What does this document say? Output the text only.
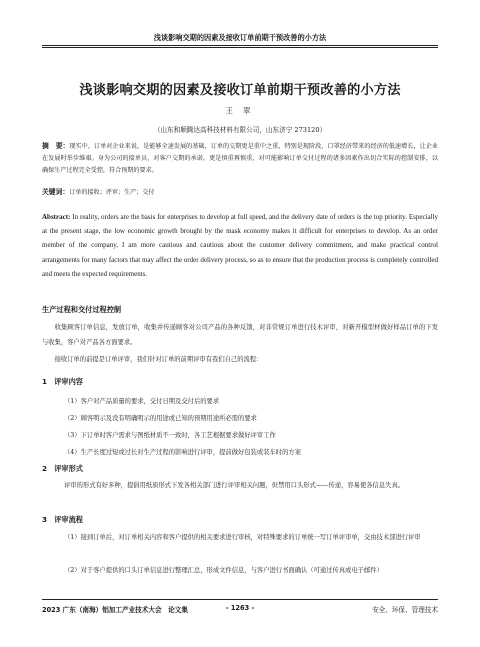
浅谈影响交期的因素及接收订单前期干预改善的小方法
浅谈影响交期的因素及接收订单前期干预改善的小方法
王 翠
（山东和顺腾达高科技材料有限公司，山东济宁 273120）
摘　要：现实中，订单对企业来说，是能够全速发展的基础，订单的交期更是重中之重，特别是现阶段，口罩经济带来的经济的低速增长，让企业在发展时举步维艰。身为公司的接单员，对客户交期的承诺，更是慎重再慎重，对可能影响订单交付过程的诸多因素作出切合实际的控制安排，以确保生产过程完全受控，符合预期的要求。
关键词：订单的接收；评审；生产；交付
Abstract: In reality, orders are the basis for enterprises to develop at full speed, and the delivery date of orders is the top priority. Especially at the present stage, the low economic growth brought by the mask economy makes it difficult for enterprises to develop. As an order member of the company, I am more cautious and cautious about the customer delivery commitment, and make practical control arrangements for many factors that may affect the order delivery process, so as to ensure that the production process is completely controlled and meets the expected requirements.
生产过程和交付过程控制
收集顾客订单信息，发放订单，收集并传递顾客对公司产品的各种反馈，对非常规订单进行技术评审，对新开模型材做好样品订单的下发与收集，客户对产品各方面要求。
接收订单的前提是订单评审，我们针对订单的前期评审有我们自己的流程：
1　评审内容
（1）客户对产品质量的要求，交付日期及交付后的要求
（2）顾客明示及没有明确明示的用途或已知的预期用途所必需的要求
（3）下订单时客户需求与图纸材质不一致时，各工艺根据要求做好评审工作
（4）生产长度过短或过长对生产过程的影响进行评审，提前做好包装或装车时的方案
2　评审形式
评审的形式有好多种，提倡用纸质形式下发各相关部门进行评审相关问题，但禁用口头形式——传递，容易使各信息失真。
3　评审流程
（1）接到订单后，对订单相关内容和客户提供的相关要求进行审核，对特殊要求的订单统一写订单评审单，交由技术部进行评审
（2）对于客户提供的口头订单信息进行整理汇总，形成文件信息，与客户进行书面确认（可通过传真或电子邮件）
2023 广东（南海）铝加工产业技术大会　论文集	- 1263 -	安全、环保、管理技术
